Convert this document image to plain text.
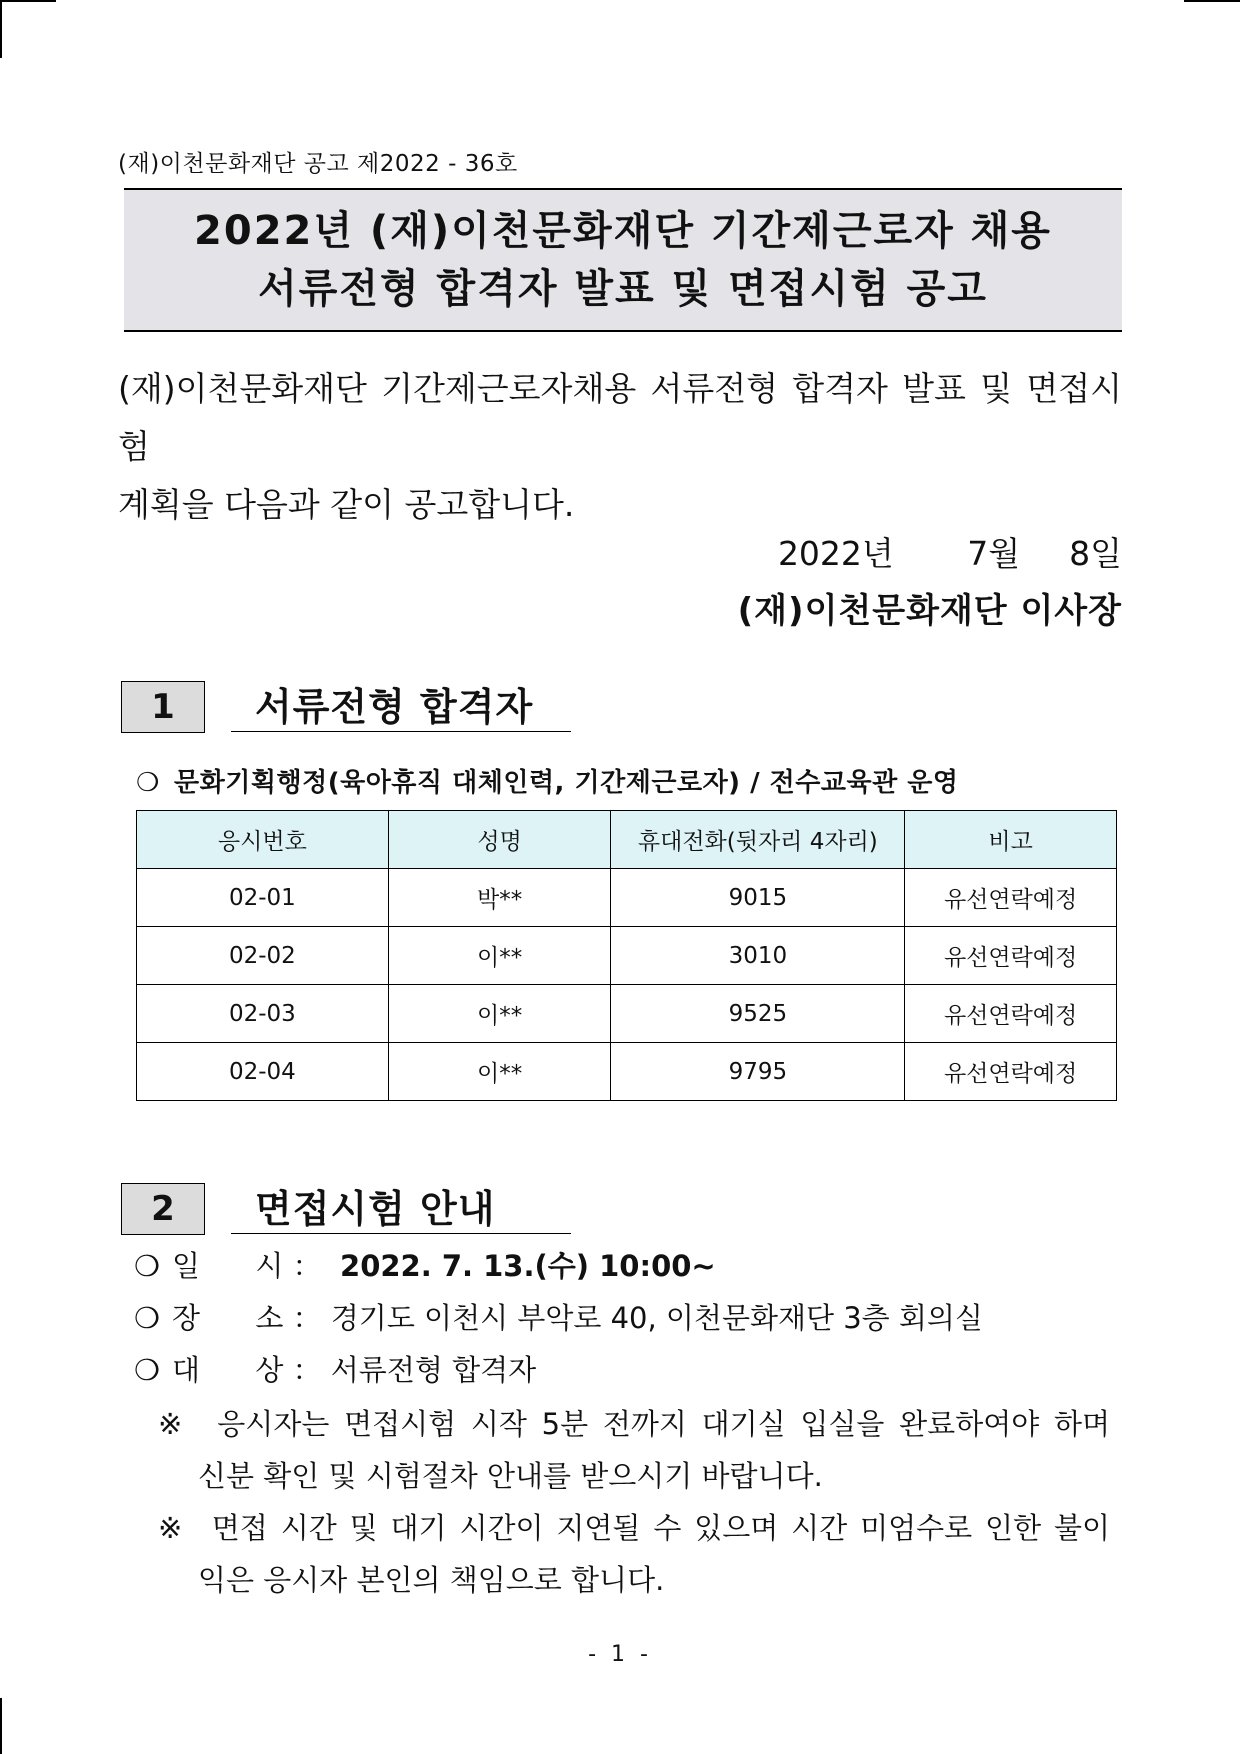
(재)이천문화재단 공고 제2022 - 36호
2022년 (재)이천문화재단 기간제근로자 채용
서류전형 합격자 발표 및 면접시험 공고
(재)이천문화재단 기간제근로자채용 서류전형 합격자 발표 및 면접시험
계획을 다음과 같이 공고합니다.
2022년   7월  8일
(재)이천문화재단 이사장
1	서류전형 합격자
❍ 문화기획행정(육아휴직 대체인력, 기간제근로자) / 전수교육관 운영
응시번호	성명	휴대전화(뒷자리 4자리)	비고
02-01	박**	9015	유선연락예정
02-02	이**	3010	유선연락예정
02-03	이**	9525	유선연락예정
02-04	이**	9795	유선연락예정
2	면접시험 안내
❍ 일      시 ： 2022. 7. 13.(수) 10:00~
❍ 장      소 ： 경기도 이천시 부악로 40, 이천문화재단 3층 회의실
❍ 대      상 ： 서류전형 합격자
※ 응시자는 면접시험 시작 5분 전까지 대기실 입실을 완료하여야 하며
신분 확인 및 시험절차 안내를 받으시기 바랍니다.
※ 면접 시간 및 대기 시간이 지연될 수 있으며 시간 미엄수로 인한 불이
익은 응시자 본인의 책임으로 합니다.
- 1 -
